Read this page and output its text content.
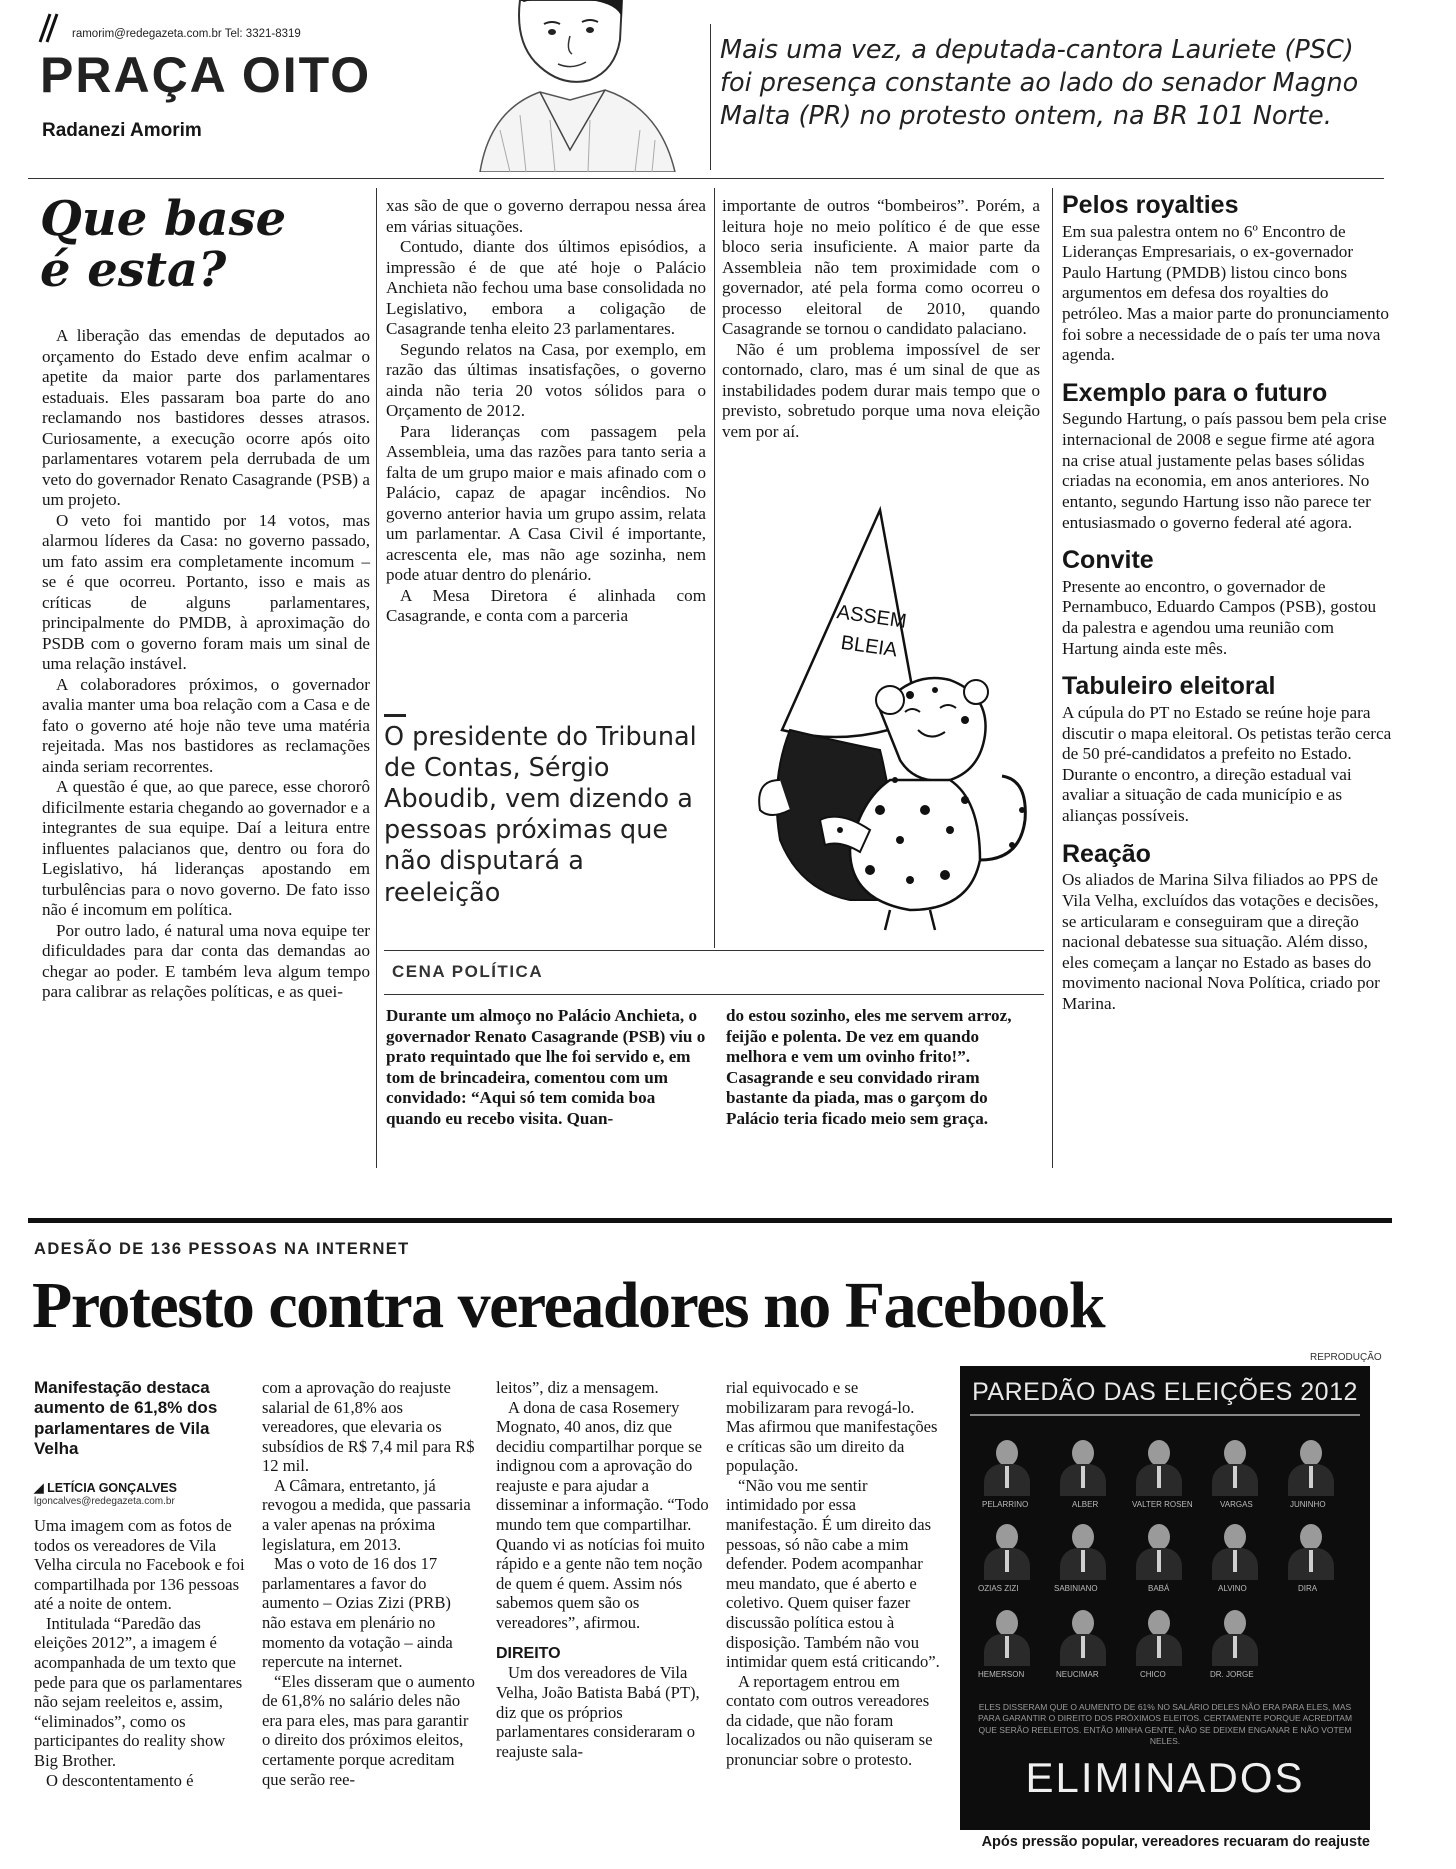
ramorim@redegazeta.com.br Tel: 3321-8319
PRAÇA OITO
Radanezi Amorim
Mais uma vez, a deputada-cantora Lauriete (PSC) foi presença constante ao lado do senador Magno Malta (PR) no protesto ontem, na BR 101 Norte.
Que base
é esta?

A liberação das emendas de deputados ao orçamento do Estado deve enfim acalmar o apetite da maior parte dos parlamentares estaduais. Eles passaram boa parte do ano reclamando nos bastidores desses atrasos. Curiosamente, a execução ocorre após oito parlamentares votarem pela derrubada de um veto do governador Renato Casagrande (PSB) a um projeto.

O veto foi mantido por 14 votos, mas alarmou líderes da Casa: no governo passado, um fato assim era completamente incomum – se é que ocorreu. Portanto, isso e mais as críticas de alguns parlamentares, principalmente do PMDB, à aproximação do PSDB com o governo foram mais um sinal de uma relação instável.

A colaboradores próximos, o governador avalia manter uma boa relação com a Casa e de fato o governo até hoje não teve uma matéria rejeitada. Mas nos bastidores as reclamações ainda seriam recorrentes.

A questão é que, ao que parece, esse chororô dificilmente estaria chegando ao governador e a integrantes de sua equipe. Daí a leitura entre influentes palacianos que, dentro ou fora do Legislativo, há lideranças apostando em turbulências para o novo governo. De fato isso não é incomum em política.

Por outro lado, é natural uma nova equipe ter dificuldades para dar conta das demandas ao chegar ao poder. E também leva algum tempo para calibrar as relações políticas, e as quei-

xas são de que o governo derrapou nessa área em várias situações.

Contudo, diante dos últimos episódios, a impressão é de que até hoje o Palácio Anchieta não fechou uma base consolidada no Legislativo, embora a coligação de Casagrande tenha eleito 23 parlamentares.

Segundo relatos na Casa, por exemplo, em razão das últimas insatisfações, o governo ainda não teria 20 votos sólidos para o Orçamento de 2012.

Para lideranças com passagem pela Assembleia, uma das razões para tanto seria a falta de um grupo maior e mais afinado com o Palácio, capaz de apagar incêndios. No governo anterior havia um grupo assim, relata um parlamentar. A Casa Civil é importante, acrescenta ele, mas não age sozinha, nem pode atuar dentro do plenário.

A Mesa Diretora é alinhada com Casagrande, e conta com a parceria

O presidente do Tribunal de Contas, Sérgio Aboudib, vem dizendo a pessoas próximas que não disputará a reeleição

importante de outros “bombeiros”. Porém, a leitura hoje no meio político é de que esse bloco seria insuficiente. A maior parte da Assembleia não tem proximidade com o governador, até pela forma como ocorreu o processo eleitoral de 2010, quando Casagrande se tornou o candidato palaciano.

Não é um problema impossível de ser contornado, claro, mas é um sinal de que as instabilidades podem durar mais tempo que o previsto, sobretudo porque uma nova eleição vem por aí.

ASSEM
BLEIA
CENA POLÍTICA
Durante um almoço no Palácio Anchieta, o governador Renato Casagrande (PSB) viu o prato requintado que lhe foi servido e, em tom de brincadeira, comentou com um convidado: “Aqui só tem comida boa quando eu recebo visita. Quan-
do estou sozinho, eles me servem arroz, feijão e polenta. De vez em quando melhora e vem um ovinho frito!”. Casagrande e seu convidado riram bastante da piada, mas o garçom do Palácio teria ficado meio sem graça.
Pelos royalties

Em sua palestra ontem no 6º Encontro de Lideranças Empresariais, o ex-governador Paulo Hartung (PMDB) listou cinco bons argumentos em defesa dos royalties do petróleo. Mas a maior parte do pronunciamento foi sobre a necessidade de o país ter uma nova agenda.

Exemplo para o futuro

Segundo Hartung, o país passou bem pela crise internacional de 2008 e segue firme até agora na crise atual justamente pelas bases sólidas criadas na economia, em anos anteriores. No entanto, segundo Hartung isso não parece ter entusiasmado o governo federal até agora.

Convite

Presente ao encontro, o governador de Pernambuco, Eduardo Campos (PSB), gostou da palestra e agendou uma reunião com Hartung ainda este mês.

Tabuleiro eleitoral

A cúpula do PT no Estado se reúne hoje para discutir o mapa eleitoral. Os petistas terão cerca de 50 pré-candidatos a prefeito no Estado. Durante o encontro, a direção estadual vai avaliar a situação de cada município e as alianças possíveis.

Reação

Os aliados de Marina Silva filiados ao PPS de Vila Velha, excluídos das votações e decisões, se articularam e conseguiram que a direção nacional debatesse sua situação. Além disso, eles começam a lançar no Estado as bases do movimento nacional Nova Política, criado por Marina.

ADESÃO DE 136 PESSOAS NA INTERNET
Protesto contra vereadores no Facebook
Manifestação destaca aumento de 61,8% dos parlamentares de Vila Velha
◢ LETÍCIA GONÇALVES
lgoncalves@redegazeta.com.br

Uma imagem com as fotos de todos os vereadores de Vila Velha circula no Facebook e foi compartilhada por 136 pessoas até a noite de ontem.

Intitulada “Paredão das eleições 2012”, a imagem é acompanhada de um texto que pede para que os parlamentares não sejam reeleitos e, assim, “eliminados”, como os participantes do reality show Big Brother.

O descontentamento é

com a aprovação do reajuste salarial de 61,8% aos vereadores, que elevaria os subsídios de R$ 7,4 mil para R$ 12 mil.

A Câmara, entretanto, já revogou a medida, que passaria a valer apenas na próxima legislatura, em 2013.

Mas o voto de 16 dos 17 parlamentares a favor do aumento – Ozias Zizi (PRB) não estava em plenário no momento da votação – ainda repercute na internet.

“Eles disseram que o aumento de 61,8% no salário deles não era para eles, mas para garantir o direito dos próximos eleitos, certamente porque acreditam que serão ree-

leitos”, diz a mensagem.

A dona de casa Rosemery Mognato, 40 anos, diz que decidiu compartilhar porque se indignou com a aprovação do reajuste e para ajudar a disseminar a informação. “Todo mundo tem que compartilhar. Quando vi as notícias foi muito rápido e a gente não tem noção de quem é quem. Assim nós sabemos quem são os vereadores”, afirmou.

DIREITO

Um dos vereadores de Vila Velha, João Batista Babá (PT), diz que os próprios parlamentares consideraram o reajuste sala-

rial equivocado e se mobilizaram para revogá-lo. Mas afirmou que manifestações e críticas são um direito da população.

“Não vou me sentir intimidado por essa manifestação. É um direito das pessoas, só não cabe a mim defender. Podem acompanhar meu mandato, que é aberto e coletivo. Quem quiser fazer discussão política estou à disposição. Também não vou intimidar quem está criticando”.

A reportagem entrou em contato com outros vereadores da cidade, que não foram localizados ou não quiseram se pronunciar sobre o protesto.

REPRODUÇÃO
PAREDÃO DAS ELEIÇÕES 2012
PELARRINO	ALBER	VALTER ROSEN	VARGAS	JUNINHO
OZIAS ZIZI	SABINIANO	BABÁ	ALVINO	DIRA
HEMERSON	NEUCIMAR	CHICO	DR. JORGE
ELES DISSERAM QUE O AUMENTO DE 61% NO SALÁRIO DELES NÃO ERA PARA ELES, MAS PARA GARANTIR O DIREITO DOS PRÓXIMOS ELEITOS. CERTAMENTE PORQUE ACREDITAM QUE SERÃO REELEITOS. ENTÃO MINHA GENTE, NÃO SE DEIXEM ENGANAR E NÃO VOTEM NELES.
ELIMINADOS
Após pressão popular, vereadores recuaram do reajuste
